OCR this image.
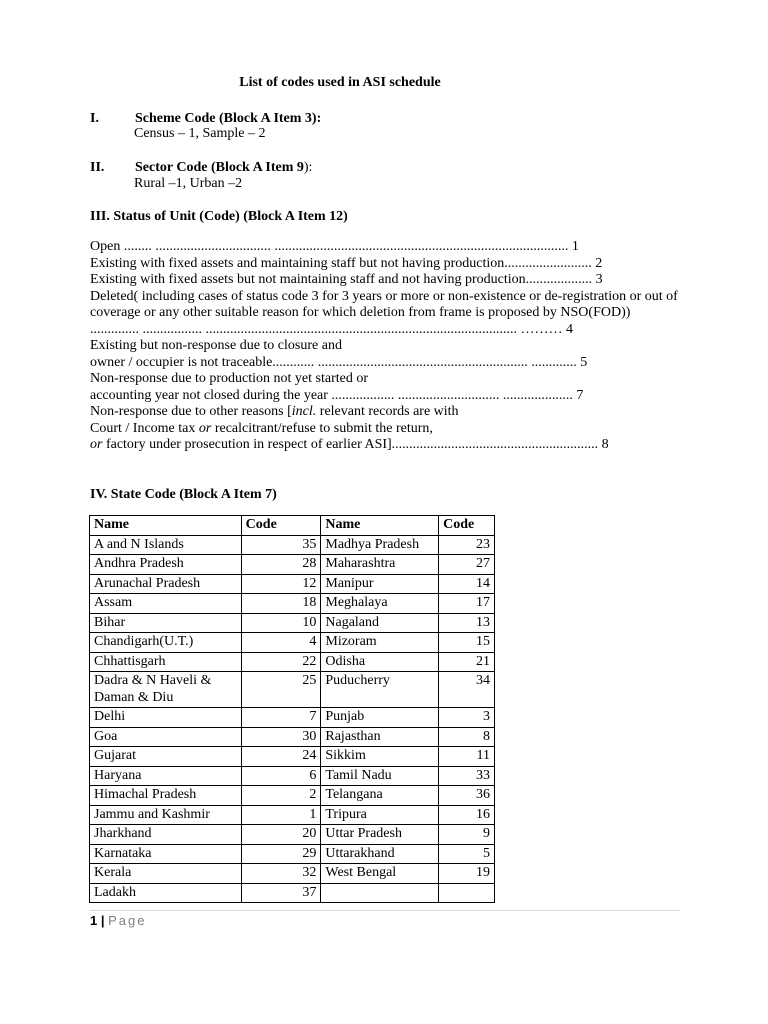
List of codes used in ASI schedule
I.	Scheme Code (Block A Item 3):
Census – 1, Sample – 2
II. Sector Code (Block A Item 9):
Rural –1, Urban –2
III. Status of Unit (Code) (Block A Item 12)
Open ........ ................................. .................................................................................... 1
Existing with fixed assets and maintaining staff but not having production......................... 2
Existing with fixed assets but not maintaining staff and not having production................... 3
Deleted( including cases of status code 3 for 3 years or more or non-existence or de-registration or out of
coverage or any other suitable reason for which deletion from frame is proposed by NSO(FOD))
.............. ................. ......................................................................................... ……… 4
Existing but non-response due to closure and
owner / occupier is not traceable............ ............................................................ ............. 5
Non-response due to production not yet started or
accounting year not closed during the year .................. ............................. .................... 7
Non-response due to other reasons [incl. relevant records are with
Court / Income tax or recalcitrant/refuse to submit the return,
or factory under prosecution in respect of earlier ASI]........................................................... 8
IV. State Code (Block A Item 7)
Name	Code	Name	Code
A and N Islands	35	Madhya Pradesh	23
Andhra Pradesh	28	Maharashtra	27
Arunachal Pradesh	12	Manipur	14
Assam	18	Meghalaya	17
Bihar	10	Nagaland	13
Chandigarh(U.T.)	4	Mizoram	15
Chhattisgarh	22	Odisha	21
Dadra & N Haveli & Daman & Diu	25	Puducherry	34
Delhi	7	Punjab	3
Goa	30	Rajasthan	8
Gujarat	24	Sikkim	11
Haryana	6	Tamil Nadu	33
Himachal Pradesh	2	Telangana	36
Jammu and Kashmir	1	Tripura	16
Jharkhand	20	Uttar Pradesh	9
Karnataka	29	Uttarakhand	5
Kerala	32	West Bengal	19
Ladakh	37		
1 | Page
